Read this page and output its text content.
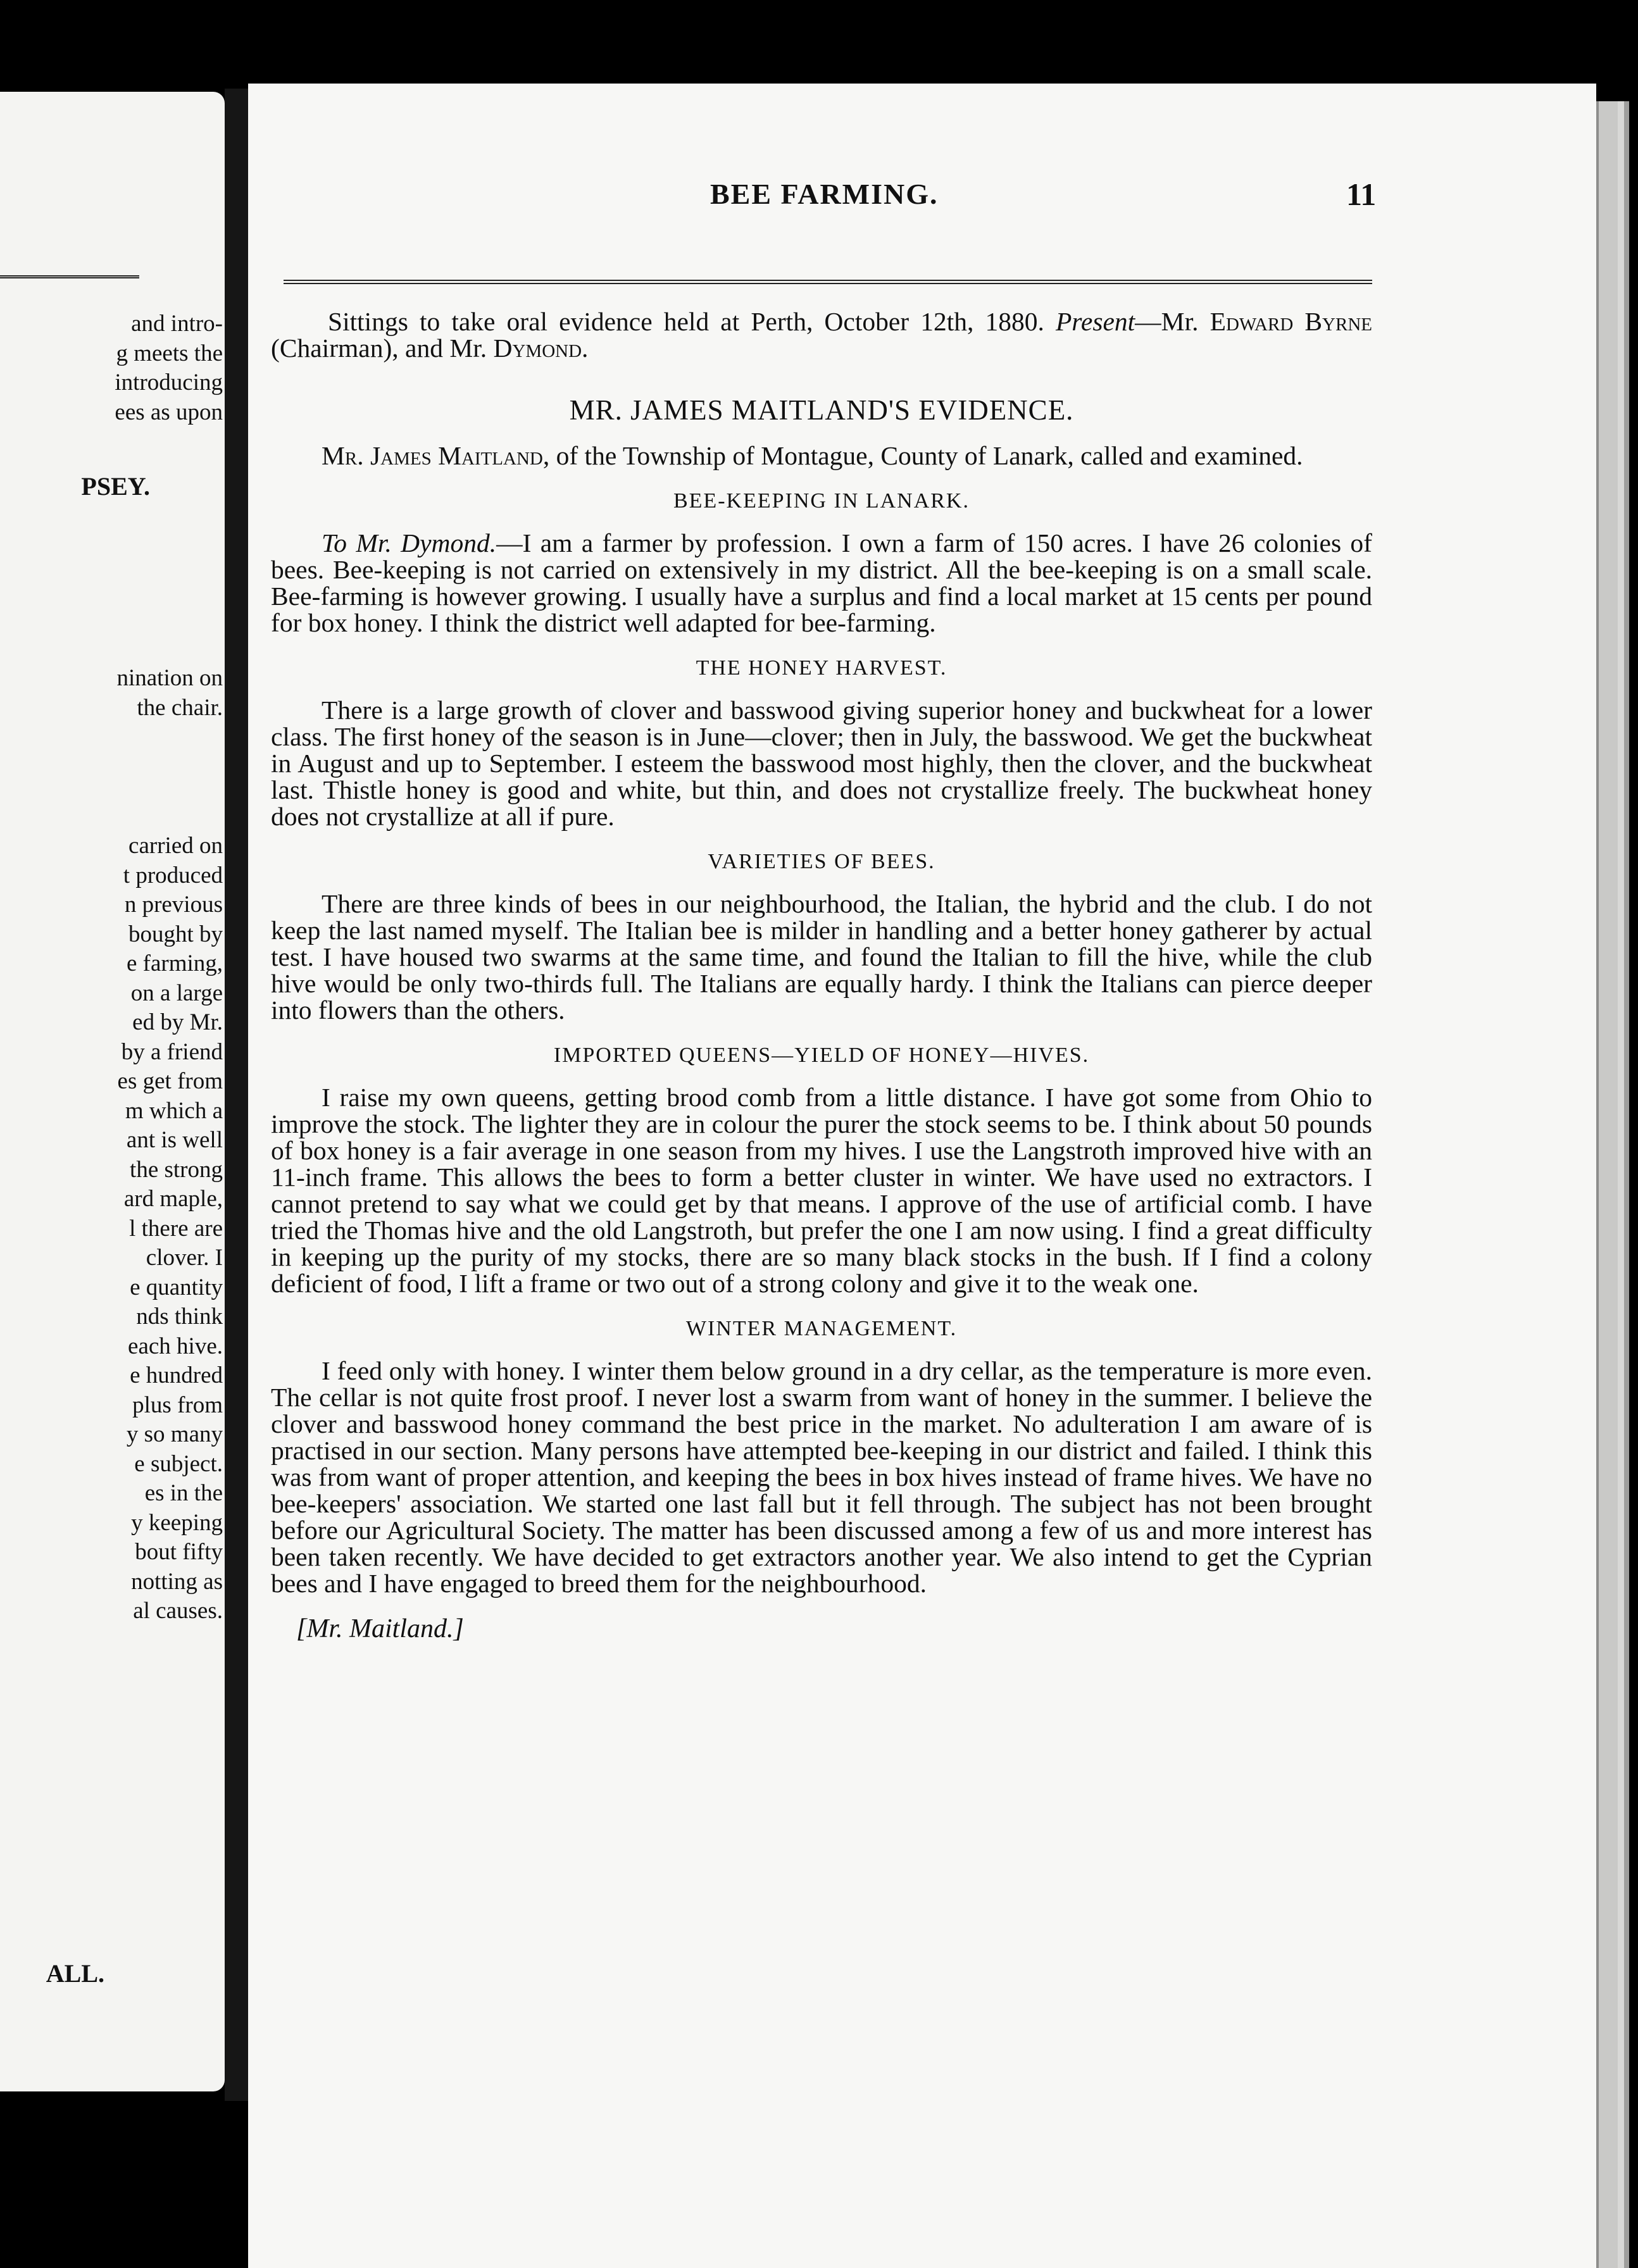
and intro-
g meets the
introducing
ees as upon
PSEY.
nination on
the chair.
carried on
t produced
n previous
bought by
e farming,
on a large
ed by Mr.
by a friend
es get from
m which a
ant is well
the strong
ard maple,
l there are
clover. I
e quantity
nds think
each hive.
e hundred
plus from
y so many
e subject.
es in the
y keeping
bout fifty
notting as
al causes.
ALL.
BEE FARMING.	11

Sittings to take oral evidence held at Perth, October 12th, 1880. Present—Mr. Edward Byrne (Chairman), and Mr. Dymond.

MR. JAMES MAITLAND'S EVIDENCE.

Mr. James Maitland, of the Township of Montague, County of Lanark, called and examined.

BEE-KEEPING IN LANARK.

To Mr. Dymond.—I am a farmer by profession. I own a farm of 150 acres. I have 26 colonies of bees. Bee-keeping is not carried on extensively in my district. All the bee-keeping is on a small scale. Bee-farming is however growing. I usually have a surplus and find a local market at 15 cents per pound for box honey. I think the district well adapted for bee-farming.

THE HONEY HARVEST.

There is a large growth of clover and basswood giving superior honey and buckwheat for a lower class. The first honey of the season is in June—clover; then in July, the basswood. We get the buckwheat in August and up to September. I esteem the basswood most highly, then the clover, and the buckwheat last. Thistle honey is good and white, but thin, and does not crystallize freely. The buckwheat honey does not crystallize at all if pure.

VARIETIES OF BEES.

There are three kinds of bees in our neighbourhood, the Italian, the hybrid and the club. I do not keep the last named myself. The Italian bee is milder in handling and a better honey gatherer by actual test. I have housed two swarms at the same time, and found the Italian to fill the hive, while the club hive would be only two-thirds full. The Italians are equally hardy. I think the Italians can pierce deeper into flowers than the others.

IMPORTED QUEENS—YIELD OF HONEY—HIVES.

I raise my own queens, getting brood comb from a little distance. I have got some from Ohio to improve the stock. The lighter they are in colour the purer the stock seems to be. I think about 50 pounds of box honey is a fair average in one season from my hives. I use the Langstroth improved hive with an 11-inch frame. This allows the bees to form a better cluster in winter. We have used no extractors. I cannot pretend to say what we could get by that means. I approve of the use of artificial comb. I have tried the Thomas hive and the old Langstroth, but prefer the one I am now using. I find a great difficulty in keeping up the purity of my stocks, there are so many black stocks in the bush. If I find a colony deficient of food, I lift a frame or two out of a strong colony and give it to the weak one.

WINTER MANAGEMENT.

I feed only with honey. I winter them below ground in a dry cellar, as the temperature is more even. The cellar is not quite frost proof. I never lost a swarm from want of honey in the summer. I believe the clover and basswood honey command the best price in the market. No adulteration I am aware of is practised in our section. Many persons have attempted bee-keeping in our district and failed. I think this was from want of proper attention, and keeping the bees in box hives instead of frame hives. We have no bee-keepers' association. We started one last fall but it fell through. The subject has not been brought before our Agricultural Society. The matter has been discussed among a few of us and more interest has been taken recently. We have decided to get extractors another year. We also intend to get the Cyprian bees and I have engaged to breed them for the neighbourhood.

[Mr. Maitland.]
